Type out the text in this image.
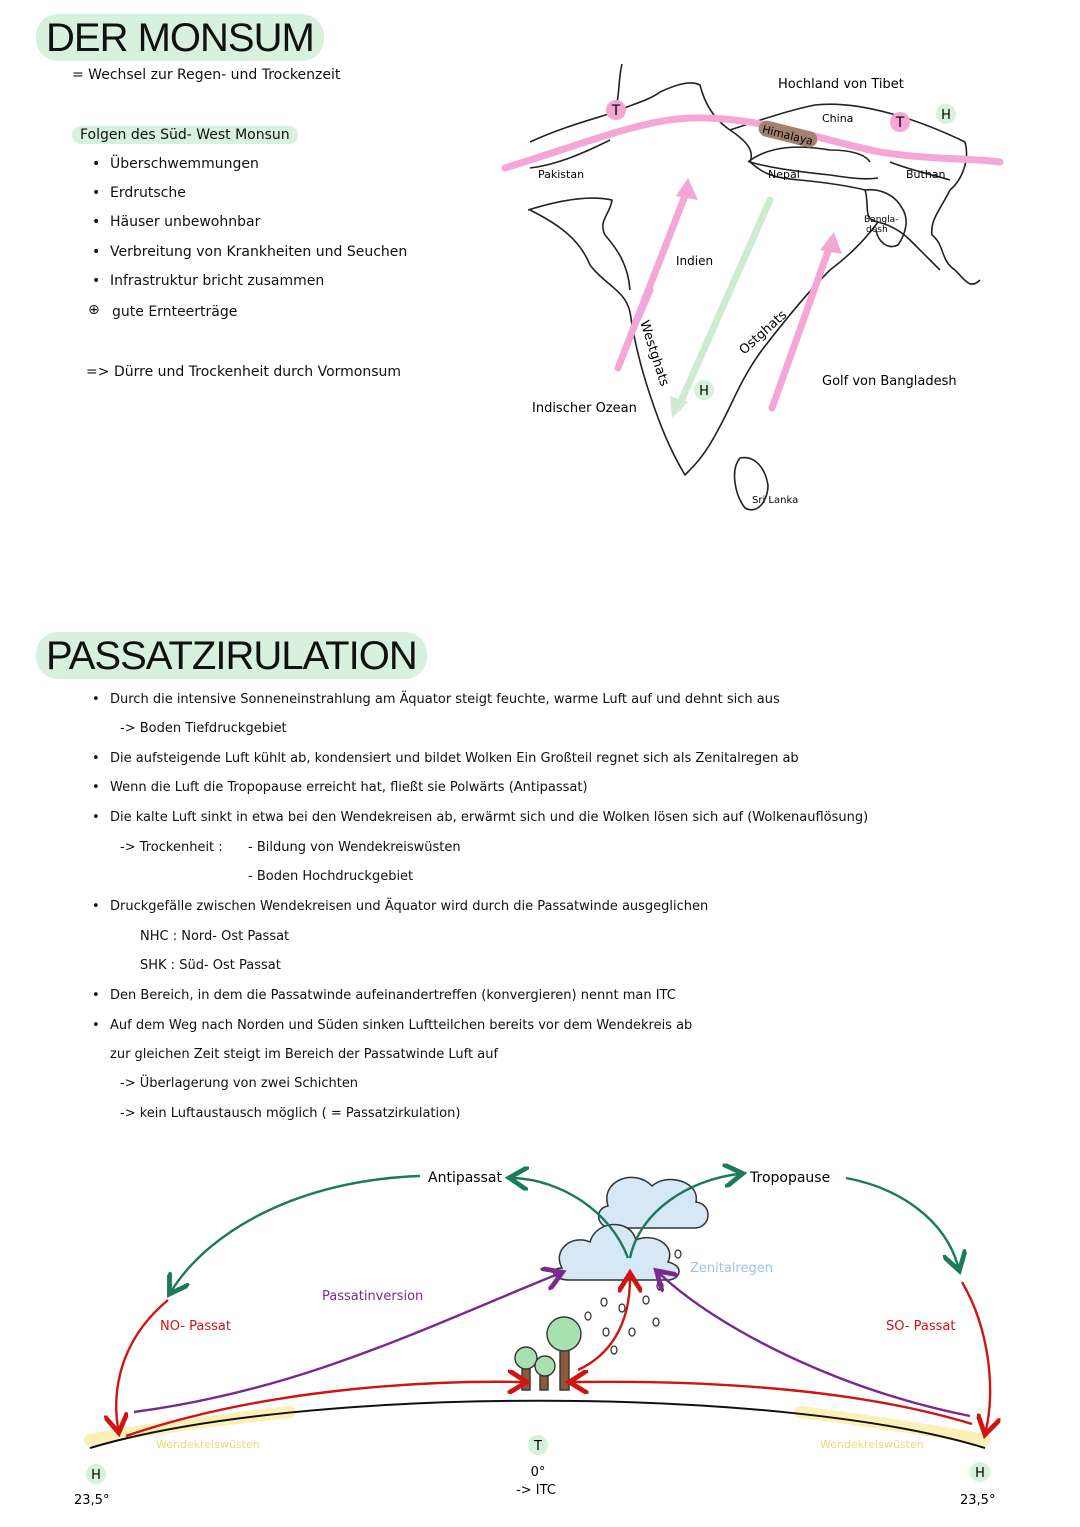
DER MONSUM
= Wechsel zur Regen- und Trockenzeit
Folgen des Süd- West Monsun
• Überschwemmungen
• Erdrutsche
• Häuser unbewohnbar
• Verbreitung von Krankheiten und Seuchen
• Infrastruktur bricht zusammen
⊕ gute Ernteerträge
=> Dürre und Trockenheit durch Vormonsum
T
T	H
H
Himalaya
Hochland von Tibet
China
Pakistan	Nepal	Buthan
Bangla-
desh
Indien
Westghats	Ostghats
Golf von Bangladesh
Indischer Ozean
Sri Lanka
PASSATZIRULATION
• Durch die intensive Sonneneinstrahlung am Äquator steigt feuchte, warme Luft auf und dehnt sich aus
-> Boden Tiefdruckgebiet
• Die aufsteigende Luft kühlt ab, kondensiert und bildet Wolken Ein Großteil regnet sich als Zenitalregen ab
• Wenn die Luft die Tropopause erreicht hat, fließt sie Polwärts (Antipassat)
• Die kalte Luft sinkt in etwa bei den Wendekreisen ab, erwärmt sich und die Wolken lösen sich auf (Wolkenauflösung)
-> Trockenheit : - Bildung von Wendekreiswüsten
- Boden Hochdruckgebiet
• Druckgefälle zwischen Wendekreisen und Äquator wird durch die Passatwinde ausgeglichen
NHC : Nord- Ost Passat
SHK : Süd- Ost Passat
• Den Bereich, in dem die Passatwinde aufeinandertreffen (konvergieren) nennt man ITC
• Auf dem Weg nach Norden und Süden sinken Luftteilchen bereits vor dem Wendekreis ab
zur gleichen Zeit steigt im Bereich der Passatwinde Luft auf
-> Überlagerung von zwei Schichten
-> kein Luftaustausch möglich ( = Passatzirkulation)
Antipassat	Tropopause
Zenitalregen
Passatinversion
NO- Passat	SO- Passat
Wendekreiswüsten	Wendekreiswüsten
H	H
T
0°
-> ITC
23,5°	23,5°
